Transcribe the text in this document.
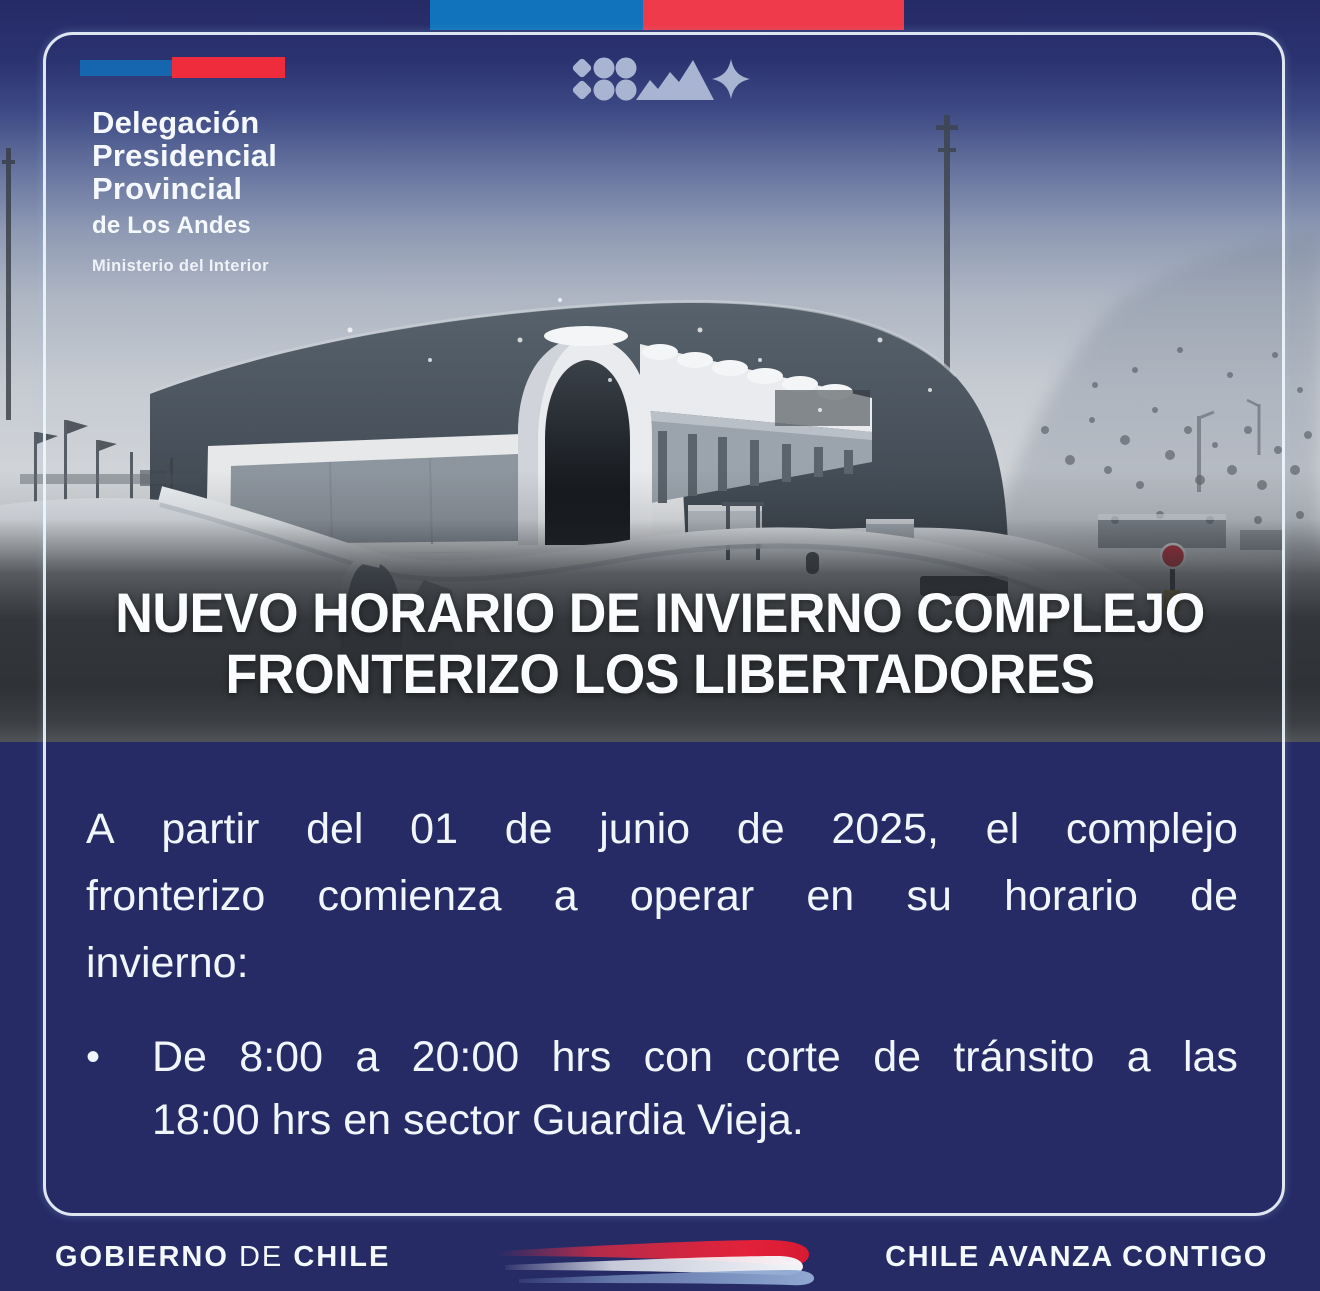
Delegación
Presidencial
Provincial
de Los Andes
Ministerio del Interior
NUEVO HORARIO DE INVIERNO COMPLEJO
FRONTERIZO LOS LIBERTADORES
A partir del 01 de junio de 2025, el complejo
fronterizo comienza a operar en su horario de
invierno:
•	De 8:00 a 20:00 hrs con corte de tránsito a las
18:00 hrs en sector Guardia Vieja.
GOBIERNO DE CHILE	CHILE AVANZA CONTIGO
